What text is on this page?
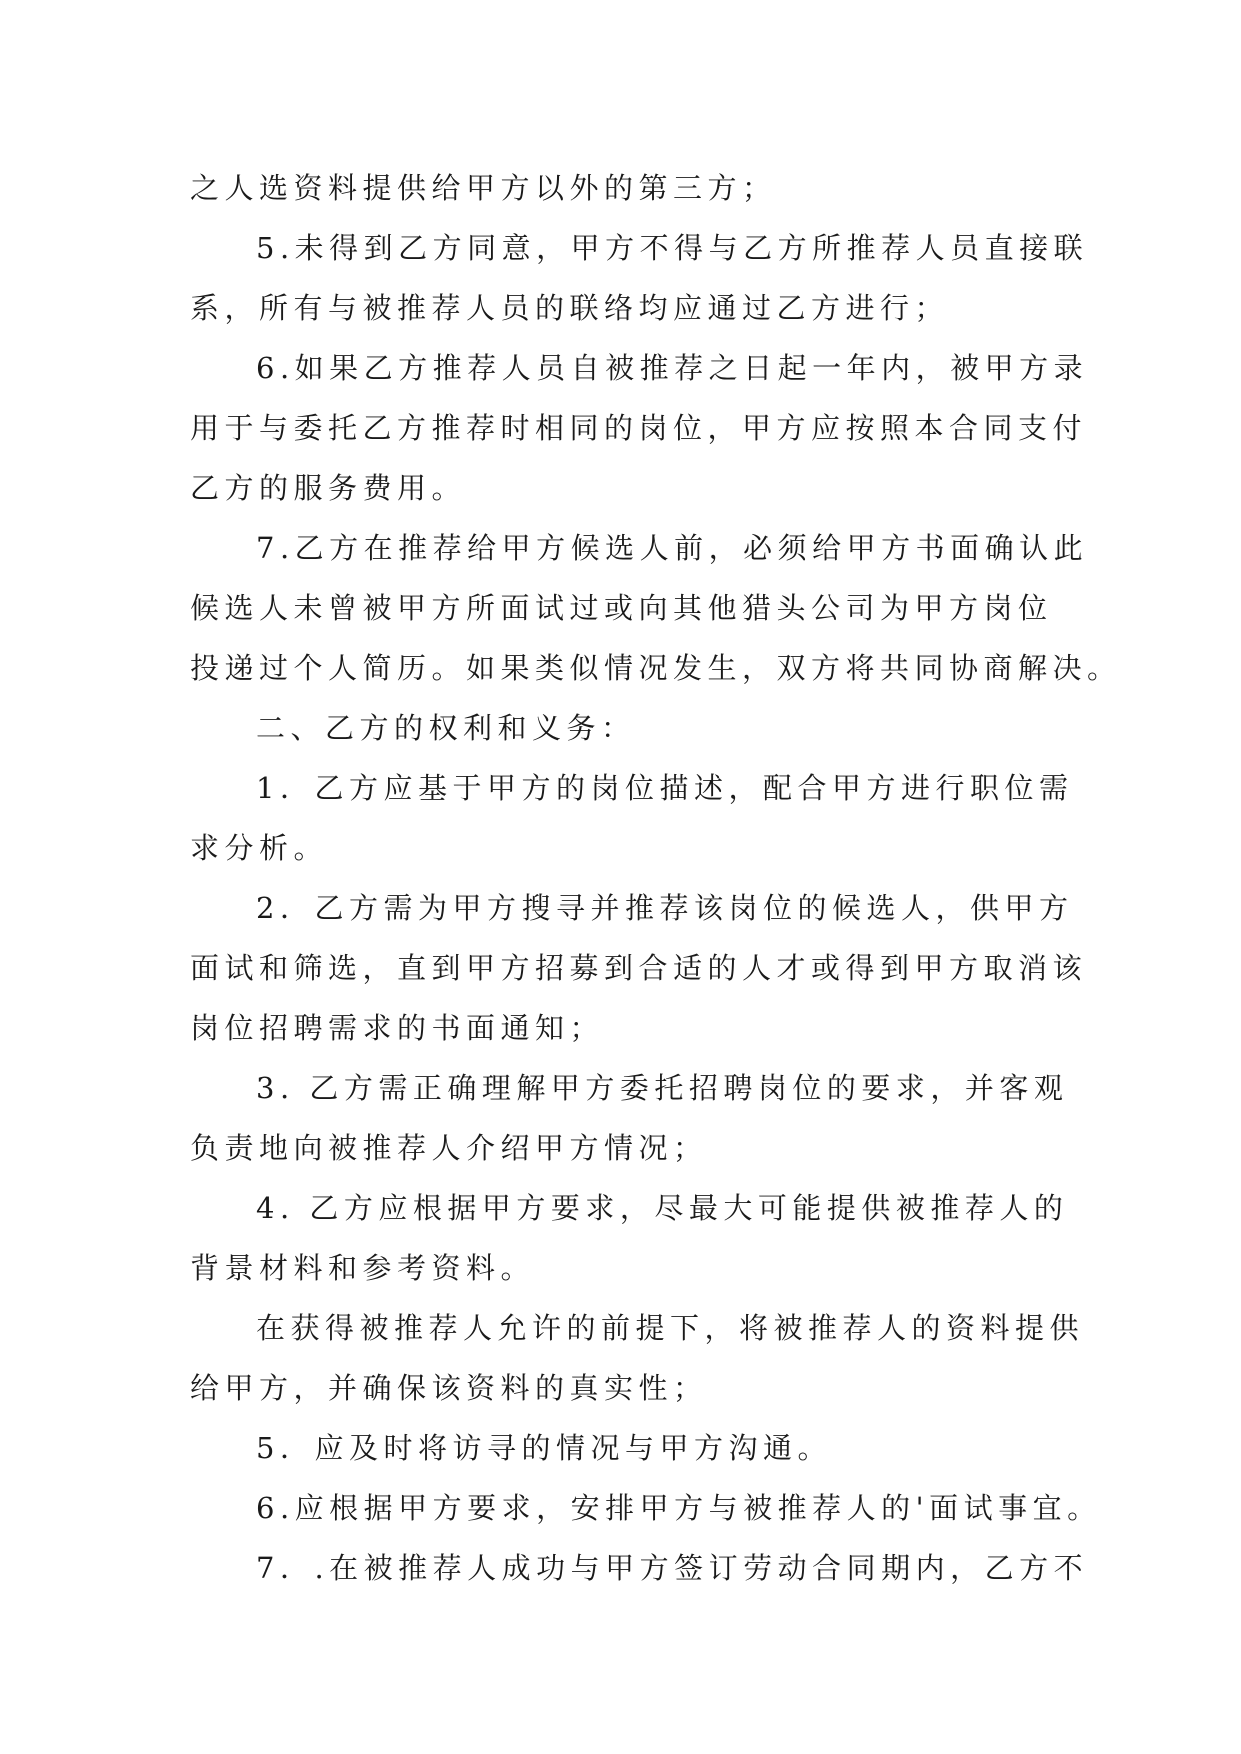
之人选资料提供给甲方以外的第三方；

5.未得到乙方同意，甲方不得与乙方所推荐人员直接联

系，所有与被推荐人员的联络均应通过乙方进行；

6.如果乙方推荐人员自被推荐之日起一年内，被甲方录

用于与委托乙方推荐时相同的岗位，甲方应按照本合同支付

乙方的服务费用。

7.乙方在推荐给甲方候选人前，必须给甲方书面确认此

候选人未曾被甲方所面试过或向其他猎头公司为甲方岗位

投递过个人简历。如果类似情况发生，双方将共同协商解决。

二、乙方的权利和义务：

1．乙方应基于甲方的岗位描述，配合甲方进行职位需

求分析。

2．乙方需为甲方搜寻并推荐该岗位的候选人，供甲方

面试和筛选，直到甲方招募到合适的人才或得到甲方取消该

岗位招聘需求的书面通知；

3. 乙方需正确理解甲方委托招聘岗位的要求，并客观

负责地向被推荐人介绍甲方情况；

4. 乙方应根据甲方要求，尽最大可能提供被推荐人的

背景材料和参考资料。

在获得被推荐人允许的前提下，将被推荐人的资料提供

给甲方，并确保该资料的真实性；

5．应及时将访寻的情况与甲方沟通。

6.应根据甲方要求，安排甲方与被推荐人的'面试事宜。

7．.在被推荐人成功与甲方签订劳动合同期内，乙方不
